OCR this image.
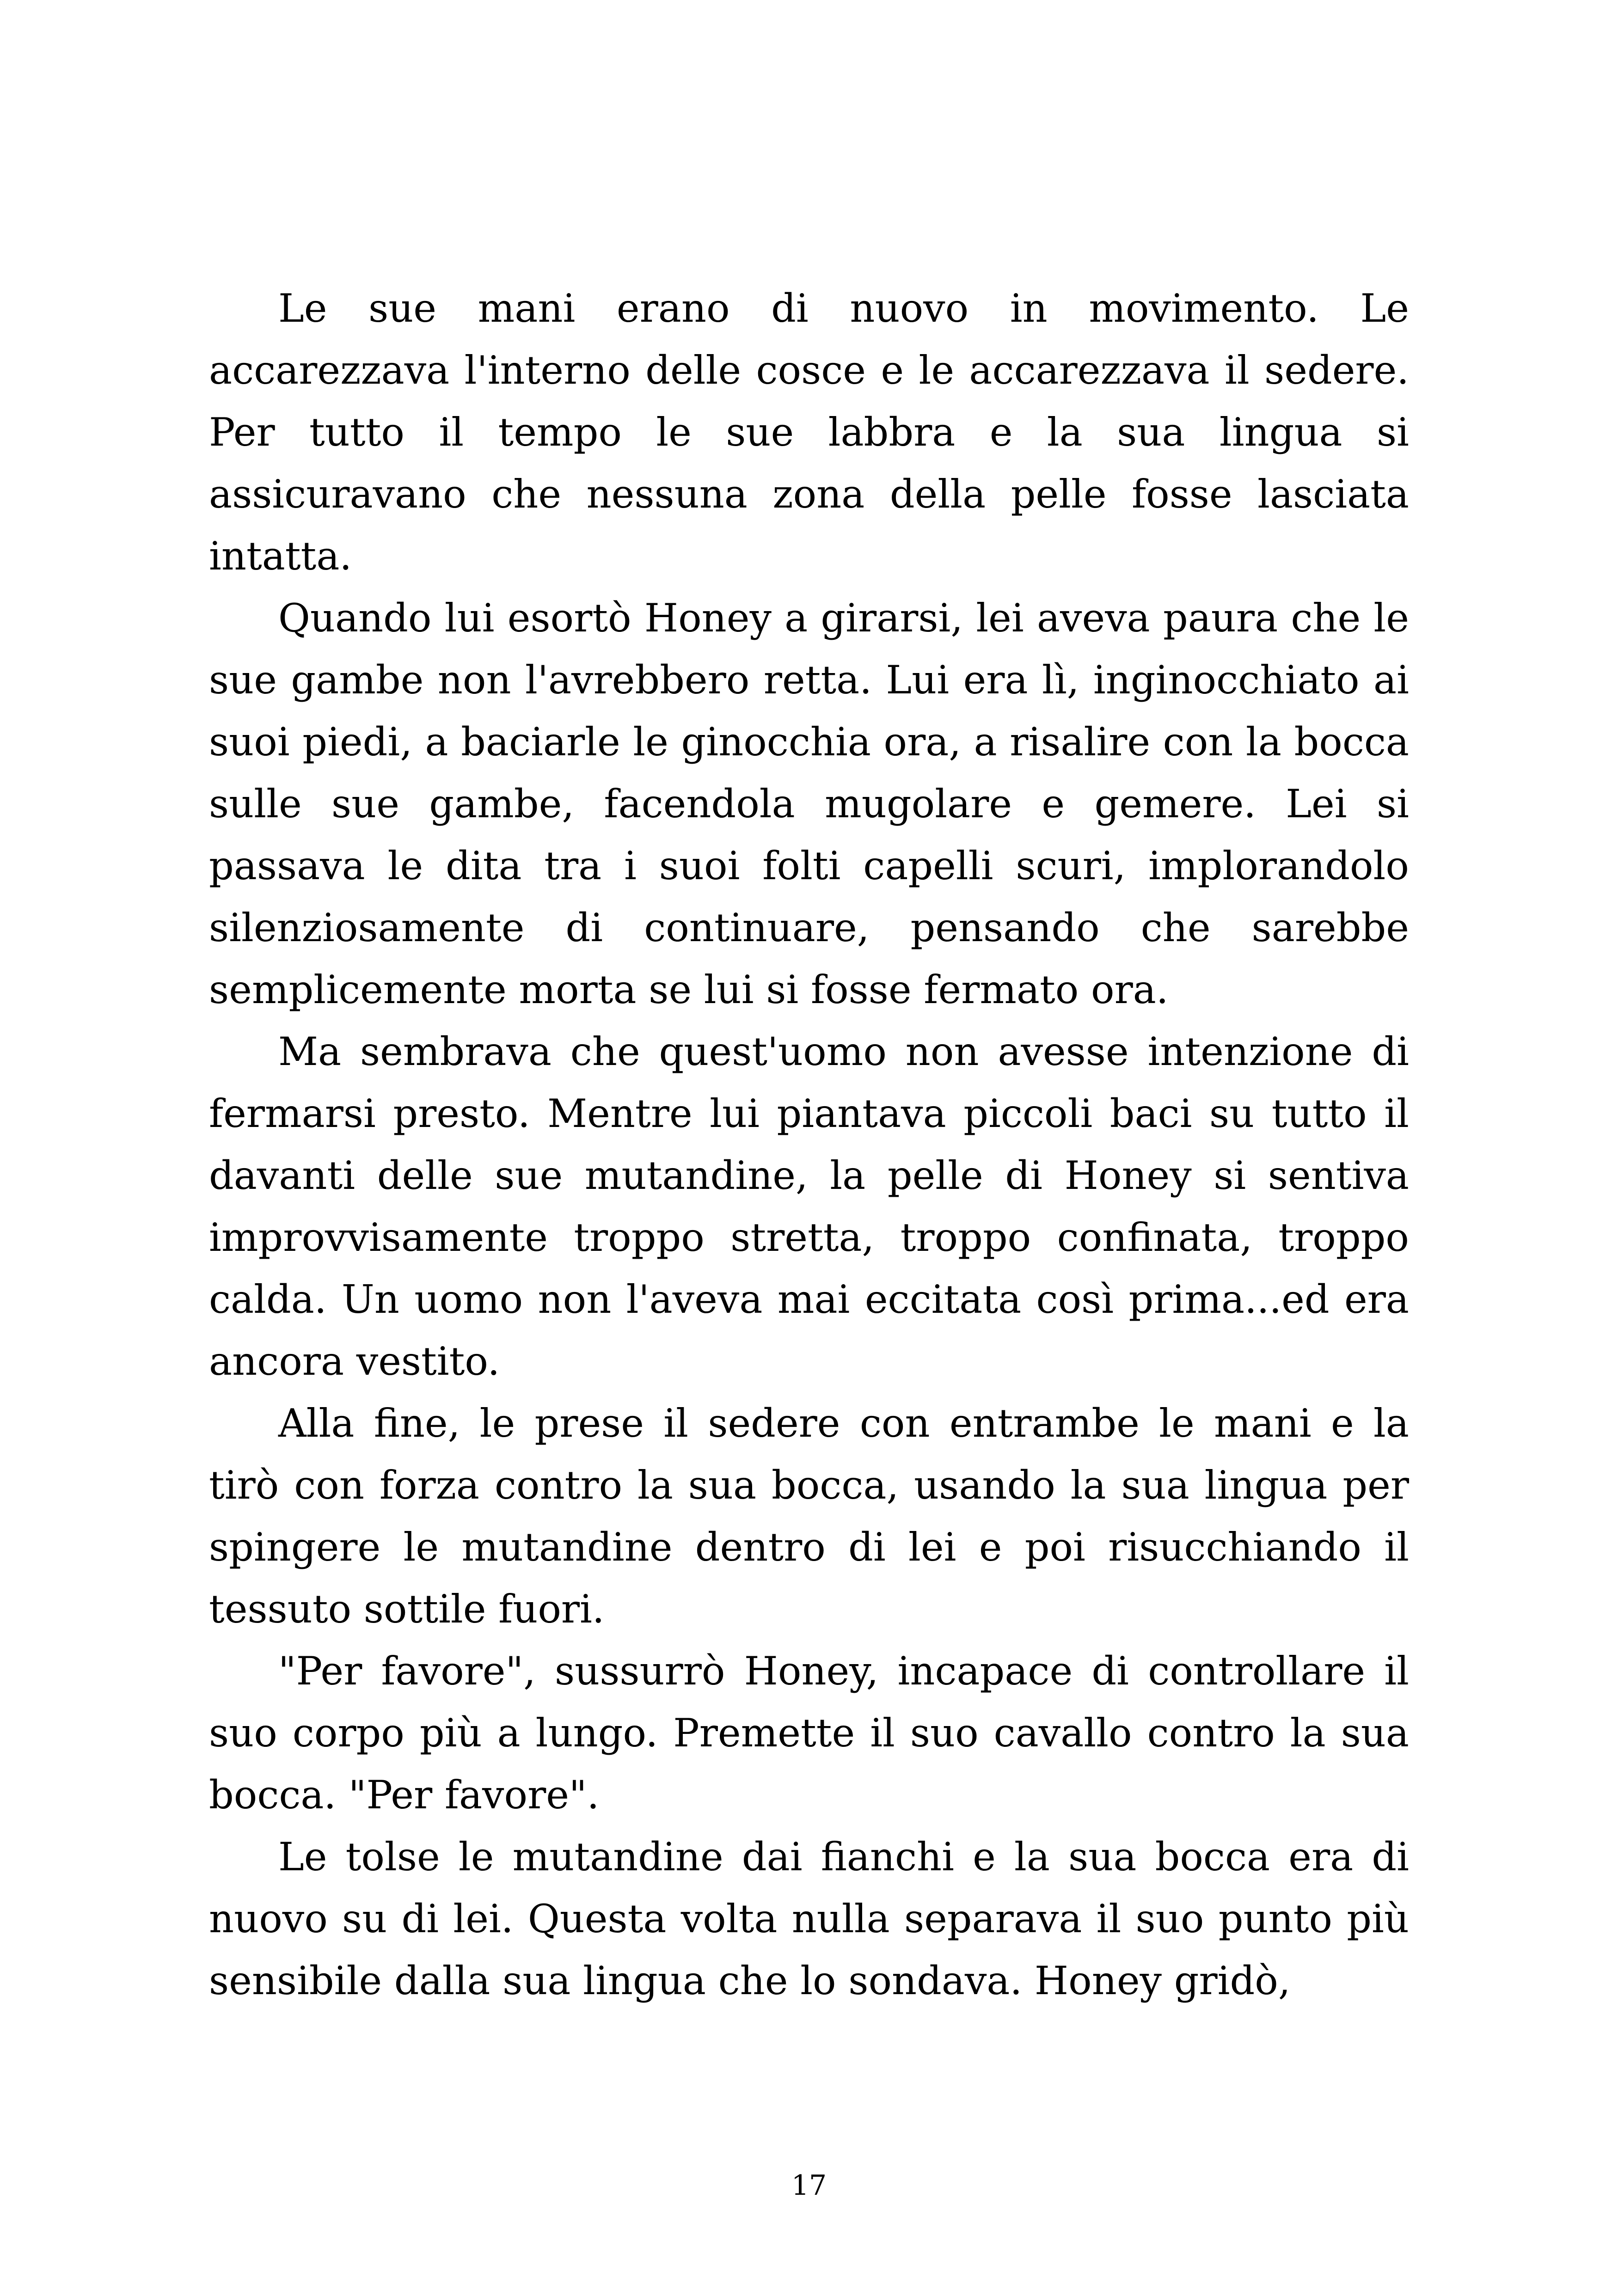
Le sue mani erano di nuovo in movimento. Le accarezzava l'interno delle cosce e le accarezzava il sedere. Per tutto il tempo le sue labbra e la sua lingua si assicuravano che nessuna zona della pelle fosse lasciata intatta.

Quando lui esortò Honey a girarsi, lei aveva paura che le sue gambe non l'avrebbero retta. Lui era lì, inginocchiato ai suoi piedi, a baciarle le ginocchia ora, a risalire con la bocca sulle sue gambe, facendola mugolare e gemere. Lei si passava le dita tra i suoi folti capelli scuri, implorandolo silenziosamente di continuare, pensando che sarebbe semplicemente morta se lui si fosse fermato ora.

Ma sembrava che quest'uomo non avesse intenzione di fermarsi presto. Mentre lui piantava piccoli baci su tutto il davanti delle sue mutandine, la pelle di Honey si sentiva improvvisamente troppo stretta, troppo confinata, troppo calda. Un uomo non l'aveva mai eccitata così prima...ed era ancora vestito.

Alla fine, le prese il sedere con entrambe le mani e la tirò con forza contro la sua bocca, usando la sua lingua per spingere le mutandine dentro di lei e poi risucchiando il tessuto sottile fuori.

"Per favore", sussurrò Honey, incapace di controllare il suo corpo più a lungo. Premette il suo cavallo contro la sua bocca. "Per favore".

Le tolse le mutandine dai fianchi e la sua bocca era di nuovo su di lei. Questa volta nulla separava il suo punto più sensibile dalla sua lingua che lo sondava. Honey gridò,

17
